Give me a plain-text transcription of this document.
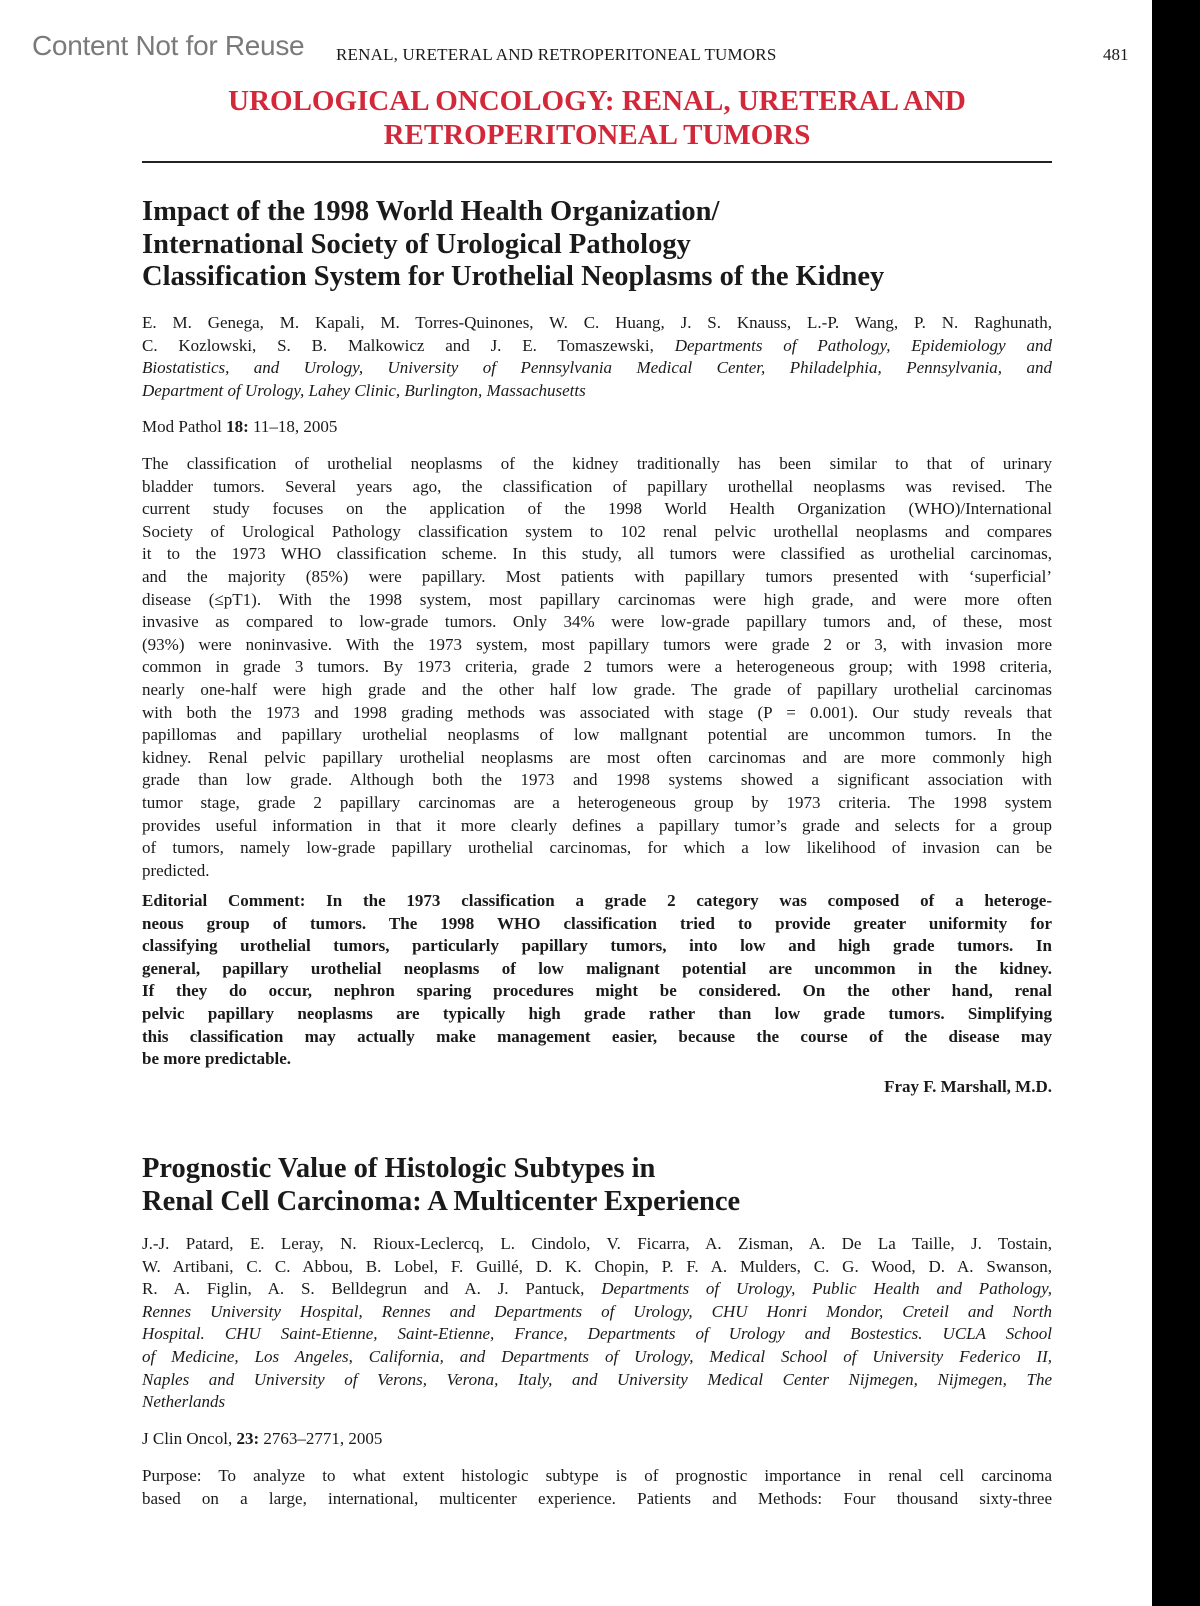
Content Not for Reuse RENAL, URETERAL AND RETROPERITONEAL TUMORS	481
UROLOGICAL ONCOLOGY: RENAL, URETERAL AND
RETROPERITONEAL TUMORS
Impact of the 1998 World Health Organization/
International Society of Urological Pathology
Classification System for Urothelial Neoplasms of the Kidney
E. M. Genega, M. Kapali, M. Torres-Quinones, W. C. Huang, J. S. Knauss, L.-P. Wang, P. N. Raghunath,
C. Kozlowski, S. B. Malkowicz and J. E. Tomaszewski, Departments of Pathology, Epidemiology and
Biostatistics, and Urology, University of Pennsylvania Medical Center, Philadelphia, Pennsylvania, and
Department of Urology, Lahey Clinic, Burlington, Massachusetts
Mod Pathol 18: 11–18, 2005
The classification of urothelial neoplasms of the kidney traditionally has been similar to that of urinary
bladder tumors. Several years ago, the classification of papillary urothellal neoplasms was revised. The
current study focuses on the application of the 1998 World Health Organization (WHO)/International
Society of Urological Pathology classification system to 102 renal pelvic urothellal neoplasms and compares
it to the 1973 WHO classification scheme. In this study, all tumors were classified as urothelial carcinomas,
and the majority (85%) were papillary. Most patients with papillary tumors presented with ‘superficial’
disease (≤pT1). With the 1998 system, most papillary carcinomas were high grade, and were more often
invasive as compared to low-grade tumors. Only 34% were low-grade papillary tumors and, of these, most
(93%) were noninvasive. With the 1973 system, most papillary tumors were grade 2 or 3, with invasion more
common in grade 3 tumors. By 1973 criteria, grade 2 tumors were a heterogeneous group; with 1998 criteria,
nearly one-half were high grade and the other half low grade. The grade of papillary urothelial carcinomas
with both the 1973 and 1998 grading methods was associated with stage (P = 0.001). Our study reveals that
papillomas and papillary urothelial neoplasms of low mallgnant potential are uncommon tumors. In the
kidney. Renal pelvic papillary urothelial neoplasms are most often carcinomas and are more commonly high
grade than low grade. Although both the 1973 and 1998 systems showed a significant association with
tumor stage, grade 2 papillary carcinomas are a heterogeneous group by 1973 criteria. The 1998 system
provides useful information in that it more clearly defines a papillary tumor’s grade and selects for a group
of tumors, namely low-grade papillary urothelial carcinomas, for which a low likelihood of invasion can be
predicted.
Editorial Comment: In the 1973 classification a grade 2 category was composed of a heteroge-
neous group of tumors. The 1998 WHO classification tried to provide greater uniformity for
classifying urothelial tumors, particularly papillary tumors, into low and high grade tumors. In
general, papillary urothelial neoplasms of low malignant potential are uncommon in the kidney.
If they do occur, nephron sparing procedures might be considered. On the other hand, renal
pelvic papillary neoplasms are typically high grade rather than low grade tumors. Simplifying
this classification may actually make management easier, because the course of the disease may
be more predictable.
Fray F. Marshall, M.D.
Prognostic Value of Histologic Subtypes in
Renal Cell Carcinoma: A Multicenter Experience
J.-J. Patard, E. Leray, N. Rioux-Leclercq, L. Cindolo, V. Ficarra, A. Zisman, A. De La Taille, J. Tostain,
W. Artibani, C. C. Abbou, B. Lobel, F. Guillé, D. K. Chopin, P. F. A. Mulders, C. G. Wood, D. A. Swanson,
R. A. Figlin, A. S. Belldegrun and A. J. Pantuck, Departments of Urology, Public Health and Pathology,
Rennes University Hospital, Rennes and Departments of Urology, CHU Honri Mondor, Creteil and North
Hospital. CHU Saint-Etienne, Saint-Etienne, France, Departments of Urology and Bostestics. UCLA School
of Medicine, Los Angeles, California, and Departments of Urology, Medical School of University Federico II,
Naples and University of Verons, Verona, Italy, and University Medical Center Nijmegen, Nijmegen, The
Netherlands
J Clin Oncol, 23: 2763–2771, 2005
Purpose: To analyze to what extent histologic subtype is of prognostic importance in renal cell carcinoma
based on a large, international, multicenter experience. Patients and Methods: Four thousand sixty-three
